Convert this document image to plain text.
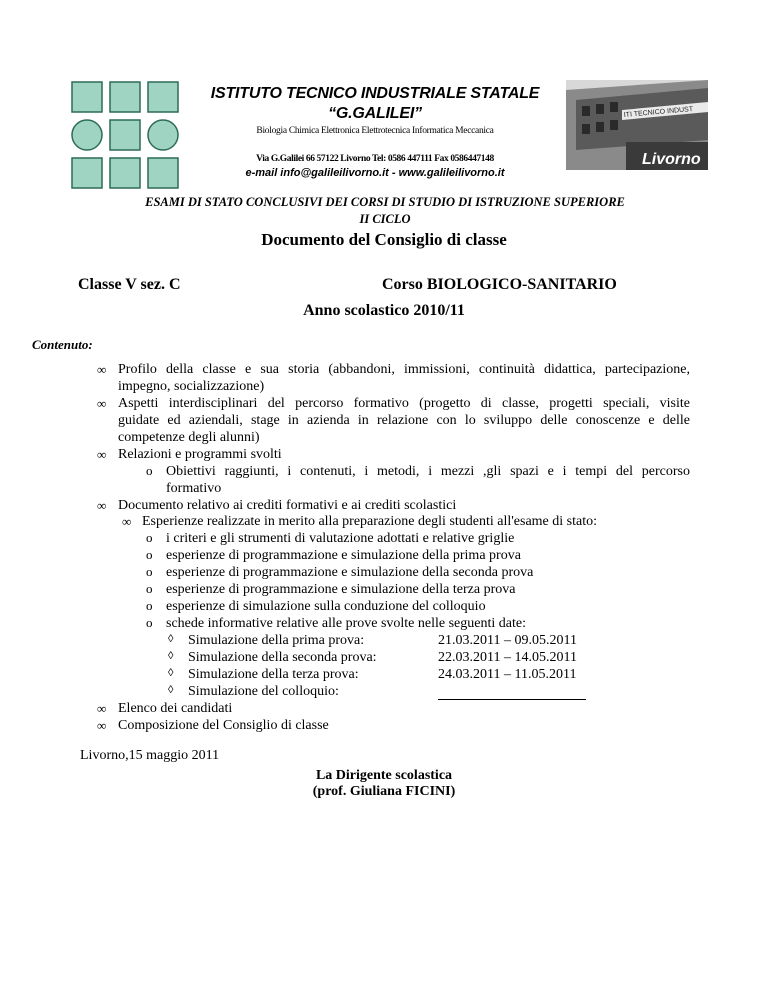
ISTITUTO TECNICO INDUSTRIALE STATALE
“G.GALILEI”
Biologia Chimica Elettronica Elettrotecnica Informatica Meccanica
Via G.Galilei 66 57122 Livorno Tel: 0586 447111 Fax 0586447148
e-mail info@galileilivorno.it - www.galileilivorno.it
ITI TECNICO INDUST
Livorno
ESAMI DI STATO CONCLUSIVI DEI CORSI DI STUDIO DI ISTRUZIONE SUPERIORE
II CICLO
Documento del Consiglio di classe
Classe V sez. C	Corso BIOLOGICO-SANITARIO
Anno scolastico 2010/11
Contenuto:
∞ Profilo della classe e sua storia (abbandoni, immissioni, continuità didattica, partecipazione,
impegno, socializzazione)
∞ Aspetti interdisciplinari del percorso formativo (progetto di classe, progetti speciali, visite
guidate ed aziendali, stage in azienda in relazione con lo sviluppo delle conoscenze e delle
competenze degli alunni)
∞ Relazioni e programmi svolti
o Obiettivi raggiunti, i contenuti, i metodi, i mezzi ,gli spazi e i tempi del percorso
formativo
∞ Documento relativo ai crediti formativi e ai crediti scolastici
∞ Esperienze realizzate in merito alla preparazione degli studenti all'esame di stato:
o i criteri e gli strumenti di valutazione adottati e relative griglie
o esperienze di programmazione e simulazione della prima prova
o esperienze di programmazione e simulazione della seconda prova
o esperienze di programmazione e simulazione della terza prova
o esperienze di simulazione sulla conduzione del colloquio
o schede informative relative alle prove svolte nelle seguenti date:
◊ Simulazione della prima prova:	21.03.2011 – 09.05.2011
◊ Simulazione della seconda prova:	22.03.2011 – 14.05.2011
◊ Simulazione della terza prova:	24.03.2011 – 11.05.2011
◊ Simulazione del colloquio:
∞ Elenco dei candidati
∞ Composizione del Consiglio di classe
Livorno,15 maggio 2011
La Dirigente scolastica
(prof. Giuliana FICINI)
